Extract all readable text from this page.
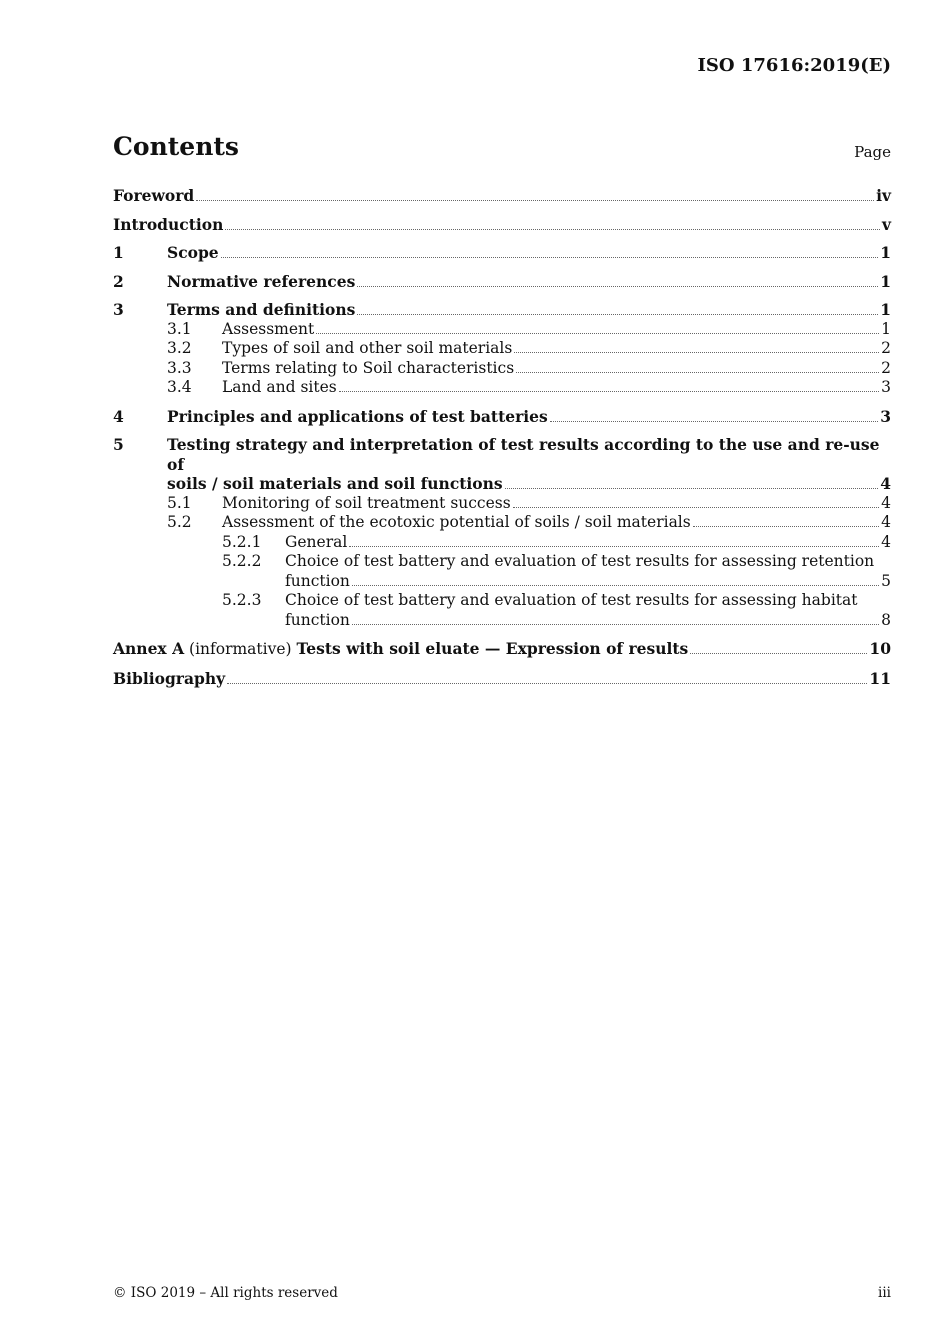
ISO 17616:2019(E)
Contents	Page
Foreword	iv
Introduction	v
1	Scope	1
2	Normative references	1
3	Terms and definitions	1
3.1 Assessment	1
3.2 Types of soil and other soil materials	2
3.3 Terms relating to Soil characteristics	2
3.4 Land and sites	3
4	Principles and applications of test batteries	3
5	Testing strategy and interpretation of test results according to the use and re-use of
soils / soil materials and soil functions	4
5.1 Monitoring of soil treatment success	4
5.2 Assessment of the ecotoxic potential of soils / soil materials	4
5.2.1 General	4
5.2.2 Choice of test battery and evaluation of test results for assessing retention
function	5
5.2.3 Choice of test battery and evaluation of test results for assessing habitat
function	8
Annex A (informative) Tests with soil eluate — Expression of results	10
Bibliography	11
© ISO 2019 – All rights reserved	iii
